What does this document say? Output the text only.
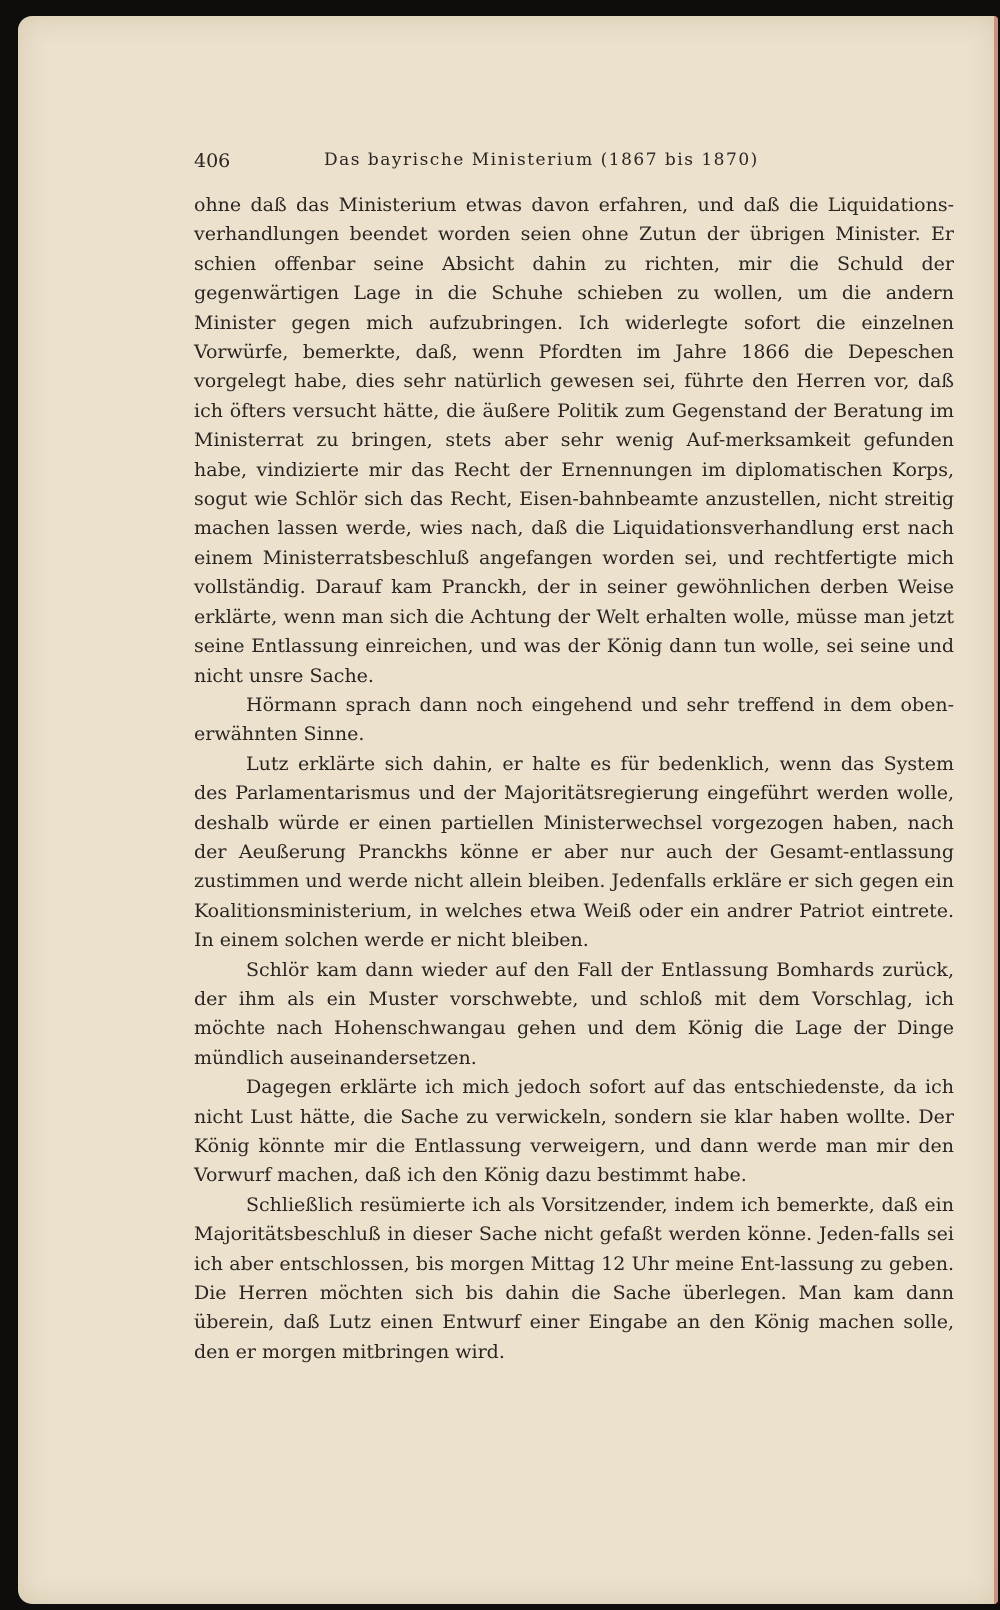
406	Das bayrische Ministerium (1867 bis 1870)

ohne daß das Ministerium etwas davon erfahren, und daß die Liquidations-verhandlungen beendet worden seien ohne Zutun der übrigen Minister. Er schien offenbar seine Absicht dahin zu richten, mir die Schuld der gegenwärtigen Lage in die Schuhe schieben zu wollen, um die andern Minister gegen mich aufzubringen. Ich widerlegte sofort die einzelnen Vorwürfe, bemerkte, daß, wenn Pfordten im Jahre 1866 die Depeschen vorgelegt habe, dies sehr natürlich gewesen sei, führte den Herren vor, daß ich öfters versucht hätte, die äußere Politik zum Gegenstand der Beratung im Ministerrat zu bringen, stets aber sehr wenig Auf-merksamkeit gefunden habe, vindizierte mir das Recht der Ernennungen im diplomatischen Korps, sogut wie Schlör sich das Recht, Eisen-bahnbeamte anzustellen, nicht streitig machen lassen werde, wies nach, daß die Liquidationsverhandlung erst nach einem Ministerratsbeschluß angefangen worden sei, und rechtfertigte mich vollständig. Darauf kam Pranckh, der in seiner gewöhnlichen derben Weise erklärte, wenn man sich die Achtung der Welt erhalten wolle, müsse man jetzt seine Entlassung einreichen, und was der König dann tun wolle, sei seine und nicht unsre Sache.

Hörmann sprach dann noch eingehend und sehr treffend in dem oben-erwähnten Sinne.

Lutz erklärte sich dahin, er halte es für bedenklich, wenn das System des Parlamentarismus und der Majoritätsregierung eingeführt werden wolle, deshalb würde er einen partiellen Ministerwechsel vorgezogen haben, nach der Aeußerung Pranckhs könne er aber nur auch der Gesamt-entlassung zustimmen und werde nicht allein bleiben. Jedenfalls erkläre er sich gegen ein Koalitionsministerium, in welches etwa Weiß oder ein andrer Patriot eintrete. In einem solchen werde er nicht bleiben.

Schlör kam dann wieder auf den Fall der Entlassung Bomhards zurück, der ihm als ein Muster vorschwebte, und schloß mit dem Vorschlag, ich möchte nach Hohenschwangau gehen und dem König die Lage der Dinge mündlich auseinandersetzen.

Dagegen erklärte ich mich jedoch sofort auf das entschiedenste, da ich nicht Lust hätte, die Sache zu verwickeln, sondern sie klar haben wollte. Der König könnte mir die Entlassung verweigern, und dann werde man mir den Vorwurf machen, daß ich den König dazu bestimmt habe.

Schließlich resümierte ich als Vorsitzender, indem ich bemerkte, daß ein Majoritätsbeschluß in dieser Sache nicht gefaßt werden könne. Jeden-falls sei ich aber entschlossen, bis morgen Mittag 12 Uhr meine Ent-lassung zu geben. Die Herren möchten sich bis dahin die Sache überlegen. Man kam dann überein, daß Lutz einen Entwurf einer Eingabe an den König machen solle, den er morgen mitbringen wird.
